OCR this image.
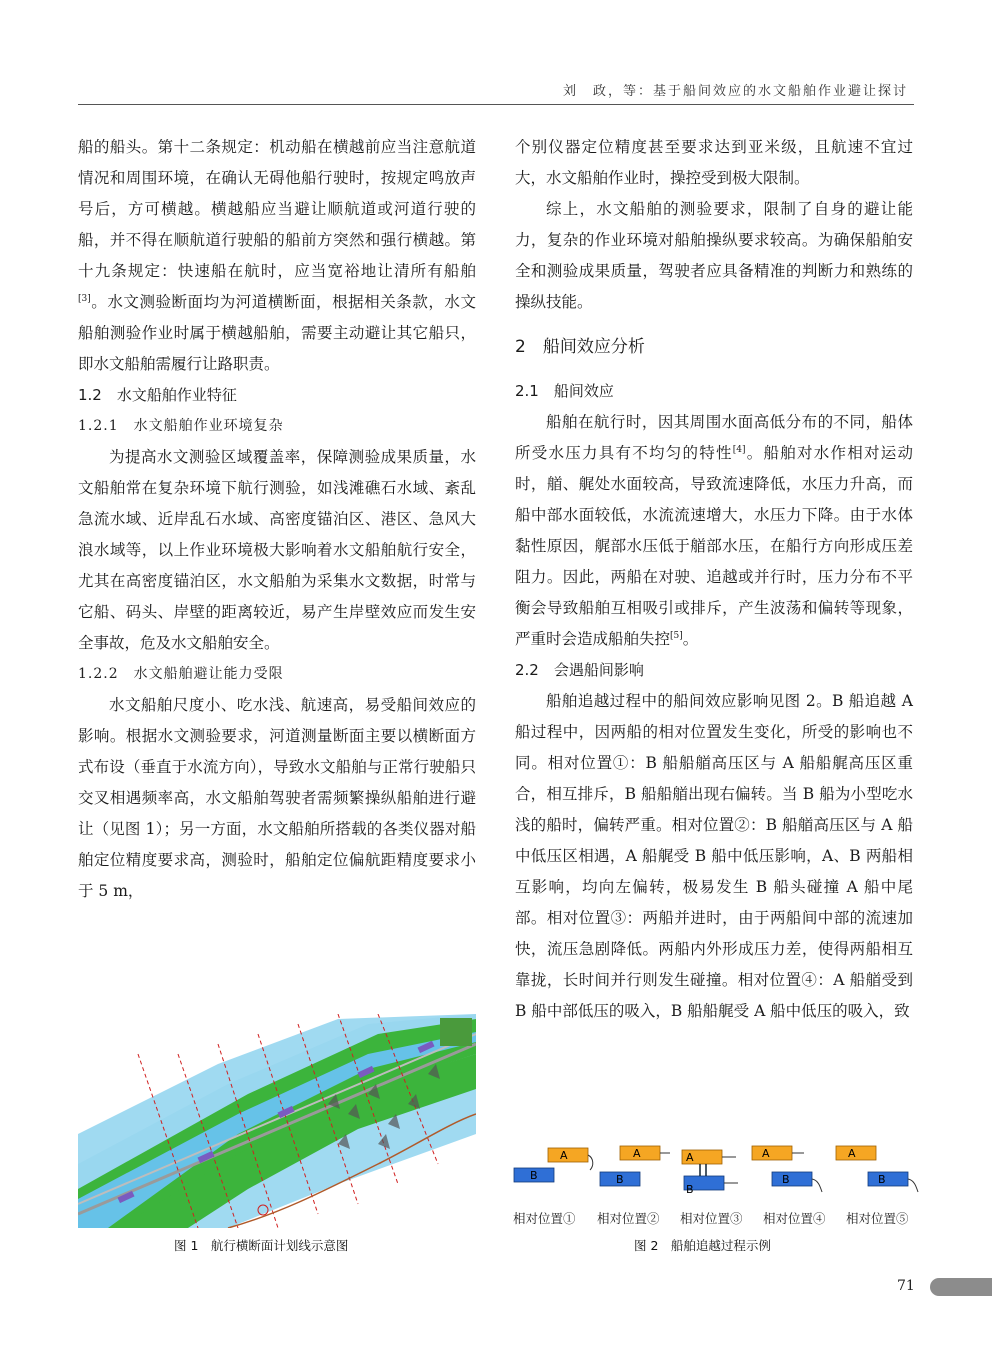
刘　政，等：基于船间效应的水文船舶作业避让探讨

船的船头。第十二条规定：机动船在横越前应当注意航道情况和周围环境，在确认无碍他船行驶时，按规定鸣放声号后，方可横越。横越船应当避让顺航道或河道行驶的船，并不得在顺航道行驶船的船前方突然和强行横越。第十九条规定：快速船在航时，应当宽裕地让清所有船舶[3]。水文测验断面均为河道横断面，根据相关条款，水文船舶测验作业时属于横越船舶，需要主动避让其它船只，即水文船舶需履行让路职责。

1.2　水文船舶作业特征
1.2.1　水文船舶作业环境复杂

为提高水文测验区域覆盖率，保障测验成果质量，水文船舶常在复杂环境下航行测验，如浅滩礁石水域、紊乱急流水域、近岸乱石水域、高密度锚泊区、港区、急风大浪水域等，以上作业环境极大影响着水文船舶航行安全，尤其在高密度锚泊区，水文船舶为采集水文数据，时常与它船、码头、岸壁的距离较近，易产生岸壁效应而发生安全事故，危及水文船舶安全。

1.2.2　水文船舶避让能力受限

水文船舶尺度小、吃水浅、航速高，易受船间效应的影响。根据水文测验要求，河道测量断面主要以横断面方式布设（垂直于水流方向），导致水文船舶与正常行驶船只交叉相遇频率高，水文船舶驾驶者需频繁操纵船舶进行避让（见图 1）；另一方面，水文船舶所搭载的各类仪器对船舶定位精度要求高，测验时，船舶定位偏航距精度要求小于 5 m，

个别仪器定位精度甚至要求达到亚米级，且航速不宜过大，水文船舶作业时，操控受到极大限制。

综上，水文船舶的测验要求，限制了自身的避让能力，复杂的作业环境对船舶操纵要求较高。为确保船舶安全和测验成果质量，驾驶者应具备精准的判断力和熟练的操纵技能。

2　船间效应分析
2.1　船间效应

船舶在航行时，因其周围水面高低分布的不同，船体所受水压力具有不均匀的特性[4]。船舶对水作相对运动时，艏、艉处水面较高，导致流速降低，水压力升高，而船中部水面较低，水流流速增大，水压力下降。由于水体黏性原因，艉部水压低于艏部水压，在船行方向形成压差阻力。因此，两船在对驶、追越或并行时，压力分布不平衡会导致船舶互相吸引或排斥，产生波荡和偏转等现象，严重时会造成船舶失控[5]。

2.2　会遇船间影响

船舶追越过程中的船间效应影响见图 2。B 船追越 A 船过程中，因两船的相对位置发生变化，所受的影响也不同。相对位置①：B 船船艏高压区与 A 船船艉高压区重合，相互排斥，B 船船艏出现右偏转。当 B 船为小型吃水浅的船时，偏转严重。相对位置②：B 船艏高压区与 A 船中低压区相遇，A 船艉受 B 船中低压影响，A、B 两船相互影响，均向左偏转，极易发生 B 船头碰撞 A 船中尾部。相对位置③：两船并进时，由于两船间中部的流速加快，流压急剧降低。两船内外形成压力差，使得两船相互靠拢，长时间并行则发生碰撞。相对位置④：A 船艏受到 B 船中部低压的吸入，B 船船艉受 A 船中低压的吸入，致

图 1　航行横断面计划线示意图
A
B
A
B
A
B
A
B
A
B
相对位置① 相对位置② 相对位置③ 相对位置④ 相对位置⑤
图 2　船舶追越过程示例
71
